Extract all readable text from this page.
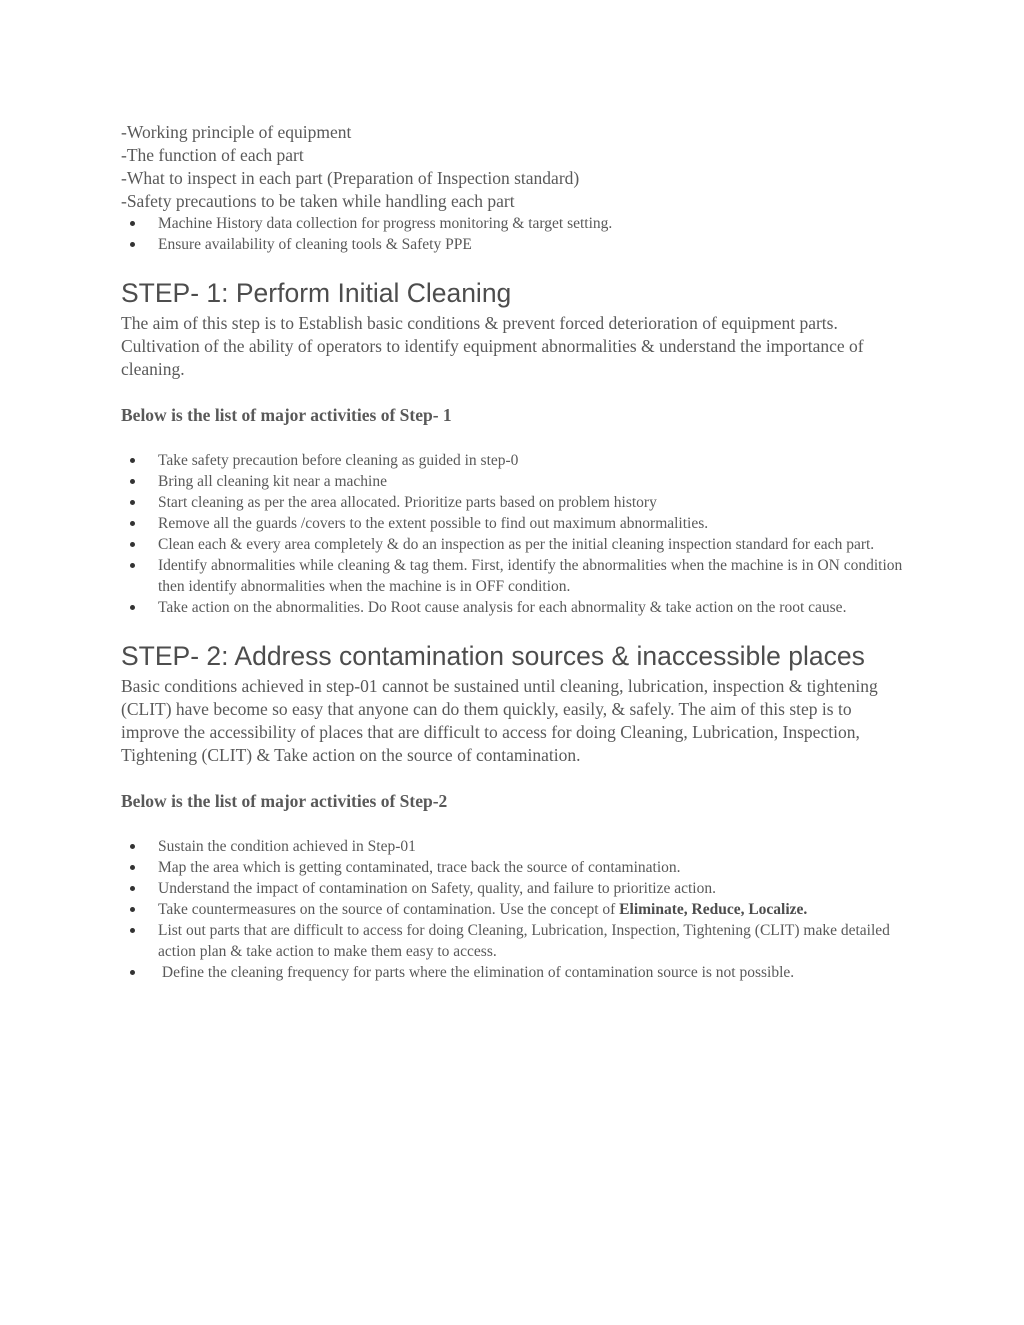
-Working principle of equipment

-The function of each part

-What to inspect in each part (Preparation of Inspection standard)

-Safety precautions to be taken while handling each part

Machine History data collection for progress monitoring & target setting.
Ensure availability of cleaning tools & Safety PPE
STEP- 1: Perform Initial Cleaning

The aim of this step is to Establish basic conditions & prevent forced deterioration of equipment parts. Cultivation of the ability of operators to identify equipment abnormalities & understand the importance of cleaning.

Below is the list of major activities of Step- 1

Take safety precaution before cleaning as guided in step-0
Bring all cleaning kit near a machine
Start cleaning as per the area allocated. Prioritize parts based on problem history
Remove all the guards /covers to the extent possible to find out maximum abnormalities.
Clean each & every area completely & do an inspection as per the initial cleaning inspection standard for each part.
Identify abnormalities while cleaning & tag them. First, identify the abnormalities when the machine is in ON condition then identify abnormalities when the machine is in OFF condition.
Take action on the abnormalities. Do Root cause analysis for each abnormality & take action on the root cause.
STEP- 2: Address contamination sources & inaccessible places

Basic conditions achieved in step-01 cannot be sustained until cleaning, lubrication, inspection & tightening (CLIT) have become so easy that anyone can do them quickly, easily, & safely. The aim of this step is to improve the accessibility of places that are difficult to access for doing Cleaning, Lubrication, Inspection, Tightening (CLIT) & Take action on the source of contamination.

Below is the list of major activities of Step-2

Sustain the condition achieved in Step-01
Map the area which is getting contaminated, trace back the source of contamination.
Understand the impact of contamination on Safety, quality, and failure to prioritize action.
Take countermeasures on the source of contamination. Use the concept of Eliminate, Reduce, Localize.
List out parts that are difficult to access for doing Cleaning, Lubrication, Inspection, Tightening (CLIT) make detailed action plan & take action to make them easy to access.
Define the cleaning frequency for parts where the elimination of contamination source is not possible.
